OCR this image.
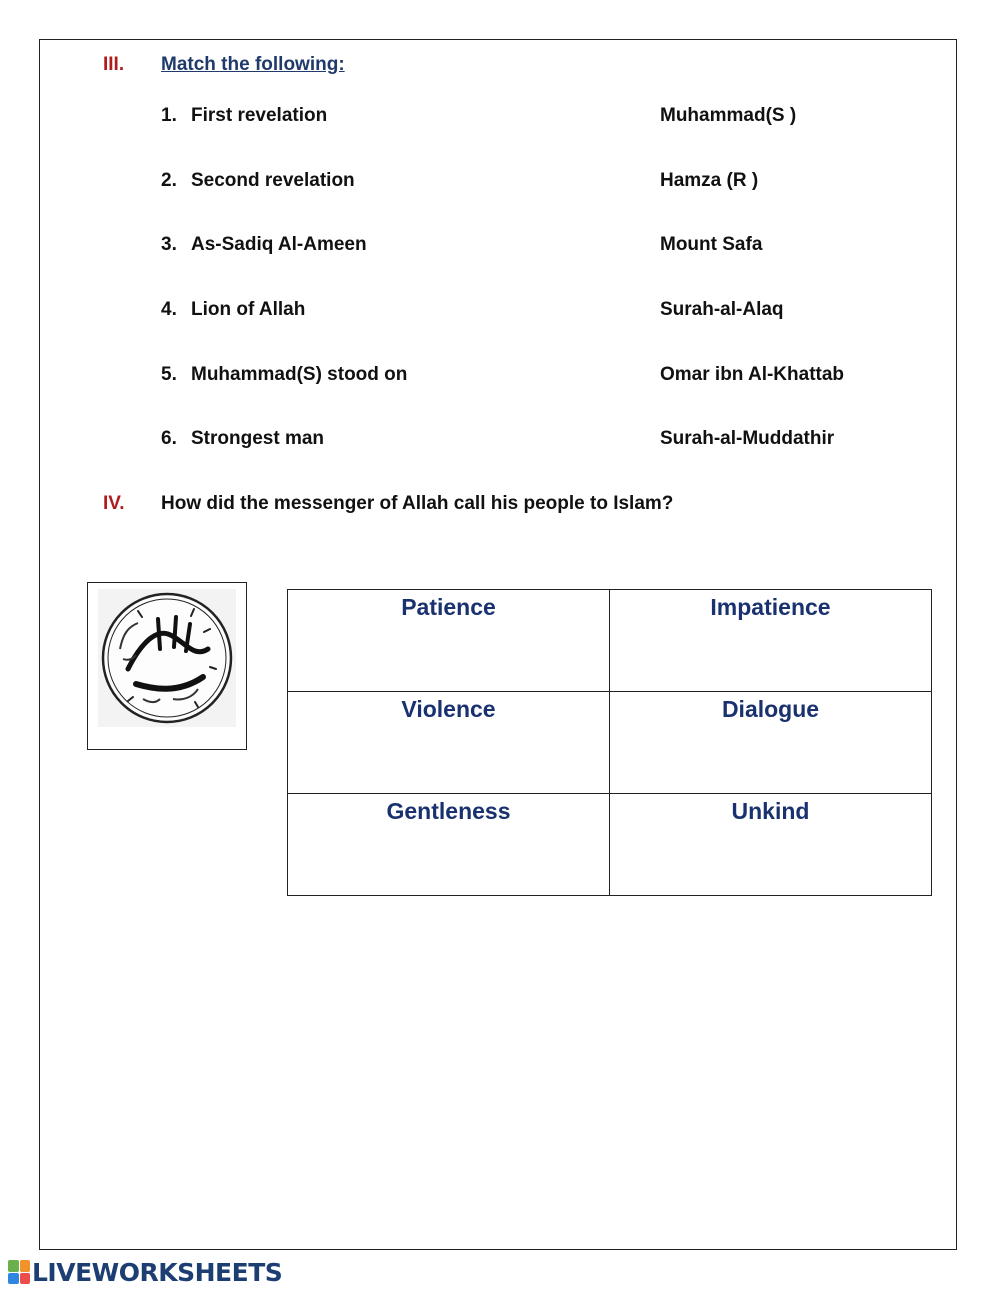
III. Match the following:
1. First revelation	Muhammad(S )
2. Second revelation	Hamza (R )
3. As-Sadiq Al-Ameen	Mount Safa
4. Lion of Allah	Surah-al-Alaq
5. Muhammad(S) stood on	Omar ibn Al-Khattab
6. Strongest man	Surah-al-Muddathir
IV. How did the messenger of Allah call his people to Islam?
Patience	Impatience
Violence	Dialogue
Gentleness	Unkind
LIVEWORKSHEETS
